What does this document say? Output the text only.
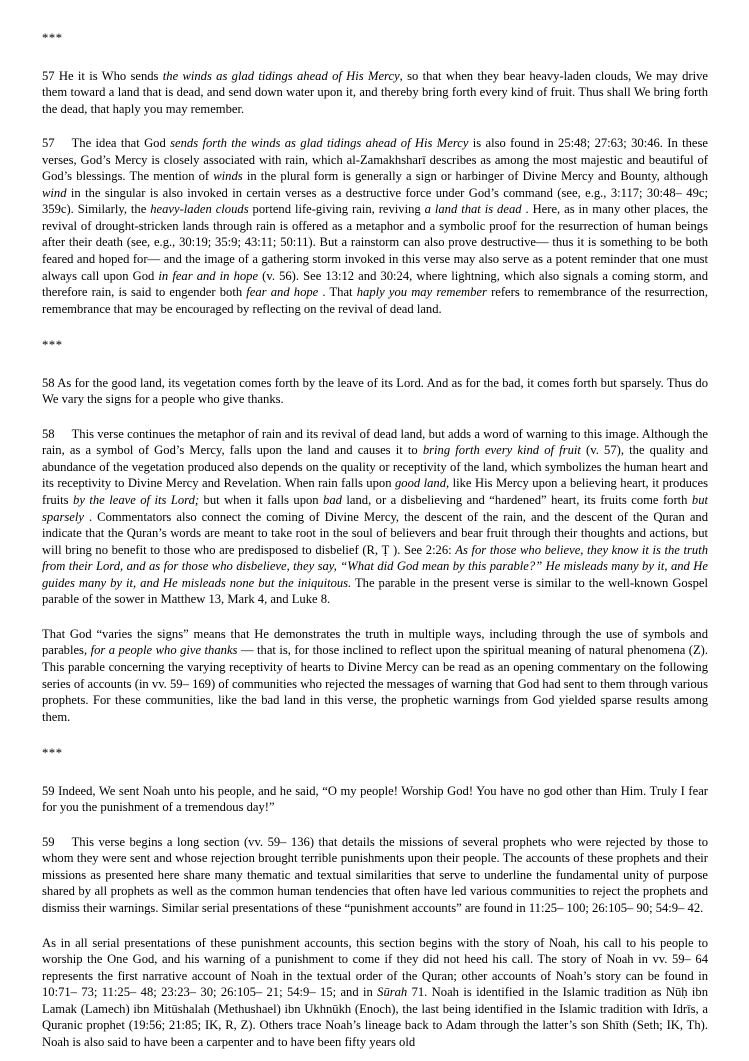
***

57 He it is Who sends the winds as glad tidings ahead of His Mercy, so that when they bear heavy-laden clouds, We may drive them toward a land that is dead, and send down water upon it, and thereby bring forth every kind of fruit. Thus shall We bring forth the dead, that haply you may remember.

57 The idea that God sends forth the winds as glad tidings ahead of His Mercy is also found in 25:48; 27:63; 30:46. In these verses, God’s Mercy is closely associated with rain, which al-Zamakhsharī describes as among the most majestic and beautiful of God’s blessings. The mention of winds in the plural form is generally a sign or harbinger of Divine Mercy and Bounty, although wind in the singular is also invoked in certain verses as a destructive force under God’s command (see, e.g., 3:117; 30:48– 49c; 359c). Similarly, the heavy-laden clouds portend life-giving rain, reviving a land that is dead . Here, as in many other places, the revival of drought-stricken lands through rain is offered as a metaphor and a symbolic proof for the resurrection of human beings after their death (see, e.g., 30:19; 35:9; 43:11; 50:11). But a rainstorm can also prove destructive— thus it is something to be both feared and hoped for— and the image of a gathering storm invoked in this verse may also serve as a potent reminder that one must always call upon God in fear and in hope (v. 56). See 13:12 and 30:24, where lightning, which also signals a coming storm, and therefore rain, is said to engender both fear and hope . That haply you may remember refers to remembrance of the resurrection, remembrance that may be encouraged by reflecting on the revival of dead land.

***

58 As for the good land, its vegetation comes forth by the leave of its Lord. And as for the bad, it comes forth but sparsely. Thus do We vary the signs for a people who give thanks.

58 This verse continues the metaphor of rain and its revival of dead land, but adds a word of warning to this image. Although the rain, as a symbol of God’s Mercy, falls upon the land and causes it to bring forth every kind of fruit (v. 57), the quality and abundance of the vegetation produced also depends on the quality or receptivity of the land, which symbolizes the human heart and its receptivity to Divine Mercy and Revelation. When rain falls upon good land, like His Mercy upon a believing heart, it produces fruits by the leave of its Lord; but when it falls upon bad land, or a disbelieving and “hardened” heart, its fruits come forth but sparsely . Commentators also connect the coming of Divine Mercy, the descent of the rain, and the descent of the Quran and indicate that the Quran’s words are meant to take root in the soul of believers and bear fruit through their thoughts and actions, but will bring no benefit to those who are predisposed to disbelief (R, Ṭ ). See 2:26: As for those who believe, they know it is the truth from their Lord, and as for those who disbelieve, they say, “What did God mean by this parable?” He misleads many by it, and He guides many by it, and He misleads none but the iniquitous. The parable in the present verse is similar to the well-known Gospel parable of the sower in Matthew 13, Mark 4, and Luke 8.

That God “varies the signs” means that He demonstrates the truth in multiple ways, including through the use of symbols and parables, for a people who give thanks — that is, for those inclined to reflect upon the spiritual meaning of natural phenomena (Z). This parable concerning the varying receptivity of hearts to Divine Mercy can be read as an opening commentary on the following series of accounts (in vv. 59– 169) of communities who rejected the messages of warning that God had sent to them through various prophets. For these communities, like the bad land in this verse, the prophetic warnings from God yielded sparse results among them.

***

59 Indeed, We sent Noah unto his people, and he said, “O my people! Worship God! You have no god other than Him. Truly I fear for you the punishment of a tremendous day!”

59 This verse begins a long section (vv. 59– 136) that details the missions of several prophets who were rejected by those to whom they were sent and whose rejection brought terrible punishments upon their people. The accounts of these prophets and their missions as presented here share many thematic and textual similarities that serve to underline the fundamental unity of purpose shared by all prophets as well as the common human tendencies that often have led various communities to reject the prophets and dismiss their warnings. Similar serial presentations of these “punishment accounts” are found in 11:25– 100; 26:105– 90; 54:9– 42.

As in all serial presentations of these punishment accounts, this section begins with the story of Noah, his call to his people to worship the One God, and his warning of a punishment to come if they did not heed his call. The story of Noah in vv. 59– 64 represents the first narrative account of Noah in the textual order of the Quran; other accounts of Noah’s story can be found in 10:71– 73; 11:25– 48; 23:23– 30; 26:105– 21; 54:9– 15; and in Sūrah 71. Noah is identified in the Islamic tradition as Nūḥ ibn Lamak (Lamech) ibn Mitūshalah (Methushael) ibn Ukhnūkh (Enoch), the last being identified in the Islamic tradition with Idrīs, a Quranic prophet (19:56; 21:85; IK, R, Z). Others trace Noah’s lineage back to Adam through the latter’s son Shīth (Seth; IK, Th). Noah is also said to have been a carpenter and to have been fifty years old
